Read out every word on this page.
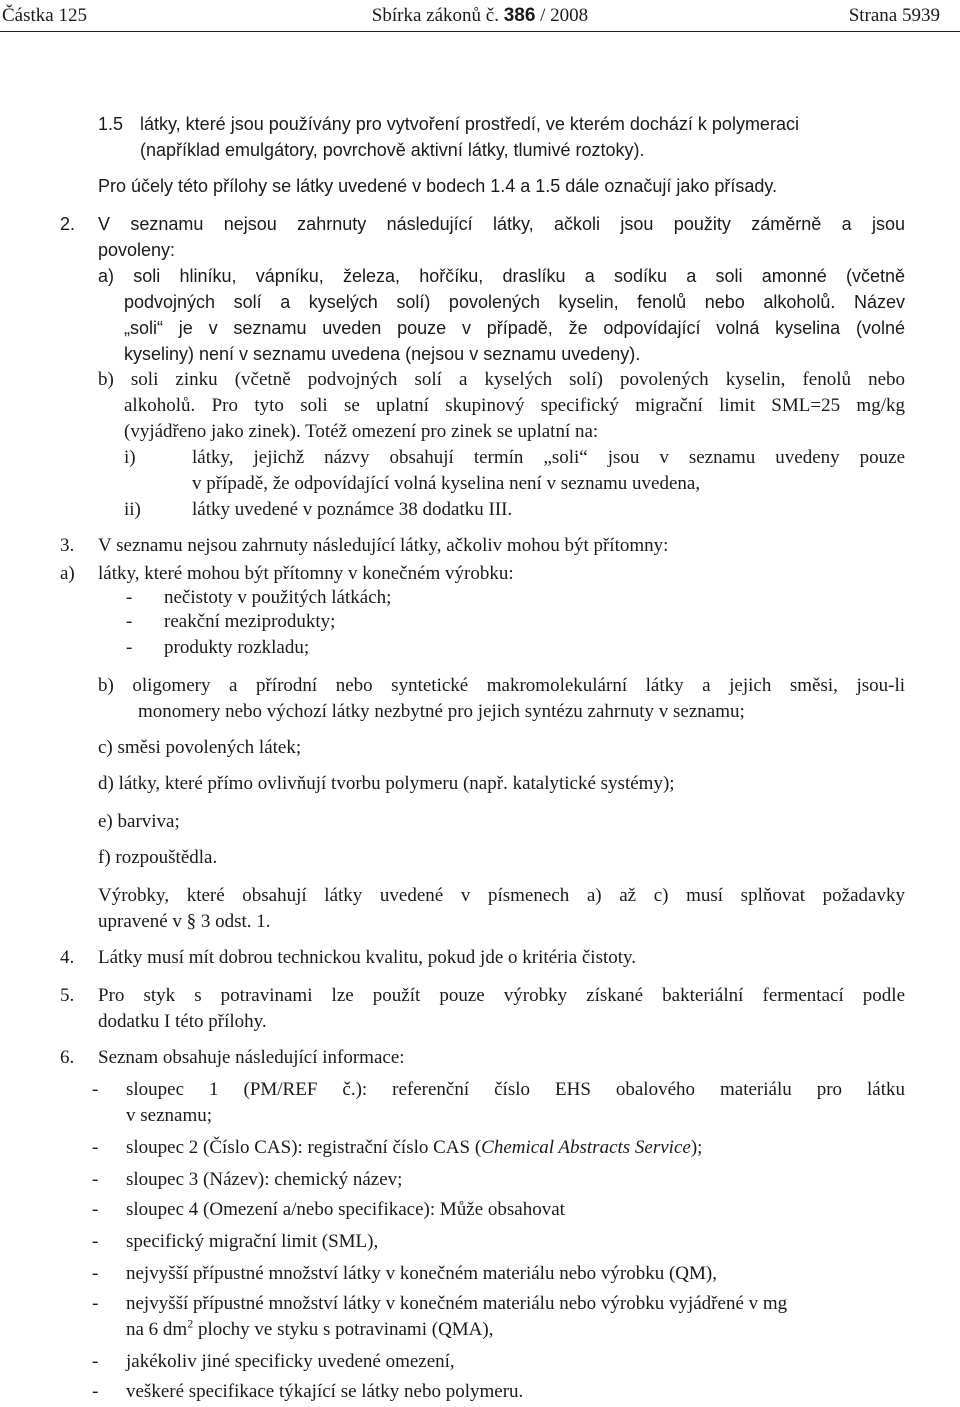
Částka 125	Sbírka zákonů č. 386 / 2008	Strana 5939
1.5 látky, které jsou používány pro vytvoření prostředí, ve kterém dochází k polymeraci
(například emulgátory, povrchově aktivní látky, tlumivé roztoky).
Pro účely této přílohy se látky uvedené v bodech 1.4 a 1.5 dále označují jako přísady.
2. V seznamu nejsou zahrnuty následující látky, ačkoli jsou použity záměrně a jsou
povoleny:
a) soli hliníku, vápníku, železa, hořčíku, draslíku a sodíku a soli amonné (včetně
podvojných solí a kyselých solí) povolených kyselin, fenolů nebo alkoholů. Název
„soli“ je v seznamu uveden pouze v případě, že odpovídající volná kyselina (volné
kyseliny) není v seznamu uvedena (nejsou v seznamu uvedeny).
b) soli zinku (včetně podvojných solí a kyselých solí) povolených kyselin, fenolů nebo
alkoholů. Pro tyto soli se uplatní skupinový specifický migrační limit SML=25 mg/kg
(vyjádřeno jako zinek). Totéž omezení pro zinek se uplatní na:
i)	látky, jejichž názvy obsahují termín „soli“ jsou v seznamu uvedeny pouze
v případě, že odpovídající volná kyselina není v seznamu uvedena,
ii)	látky uvedené v poznámce 38 dodatku III.
3. V seznamu nejsou zahrnuty následující látky, ačkoliv mohou být přítomny:
a) látky, které mohou být přítomny v konečném výrobku:
- nečistoty v použitých látkách;
- reakční meziprodukty;
- produkty rozkladu;
b) oligomery a přírodní nebo syntetické makromolekulární látky a jejich směsi, jsou-li
monomery nebo výchozí látky nezbytné pro jejich syntézu zahrnuty v seznamu;
c) směsi povolených látek;
d) látky, které přímo ovlivňují tvorbu polymeru (např. katalytické systémy);
e) barviva;
f) rozpouštědla.
Výrobky, které obsahují látky uvedené v písmenech a) až c) musí splňovat požadavky
upravené v § 3 odst. 1.
4. Látky musí mít dobrou technickou kvalitu, pokud jde o kritéria čistoty.
5. Pro styk s potravinami lze použít pouze výrobky získané bakteriální fermentací podle
dodatku I této přílohy.
6. Seznam obsahuje následující informace:
- sloupec 1 (PM/REF č.): referenční číslo EHS obalového materiálu pro látku
v seznamu;
- sloupec 2 (Číslo CAS): registrační číslo CAS (Chemical Abstracts Service);
- sloupec 3 (Název): chemický název;
- sloupec 4 (Omezení a/nebo specifikace): Může obsahovat
- specifický migrační limit (SML),
- nejvyšší přípustné množství látky v konečném materiálu nebo výrobku (QM),
- nejvyšší přípustné množství látky v konečném materiálu nebo výrobku vyjádřené v mg
na 6 $dm^2$ plochy ve styku s potravinami (QMA),
- jakékoliv jiné specificky uvedené omezení,
- veškeré specifikace týkající se látky nebo polymeru.
